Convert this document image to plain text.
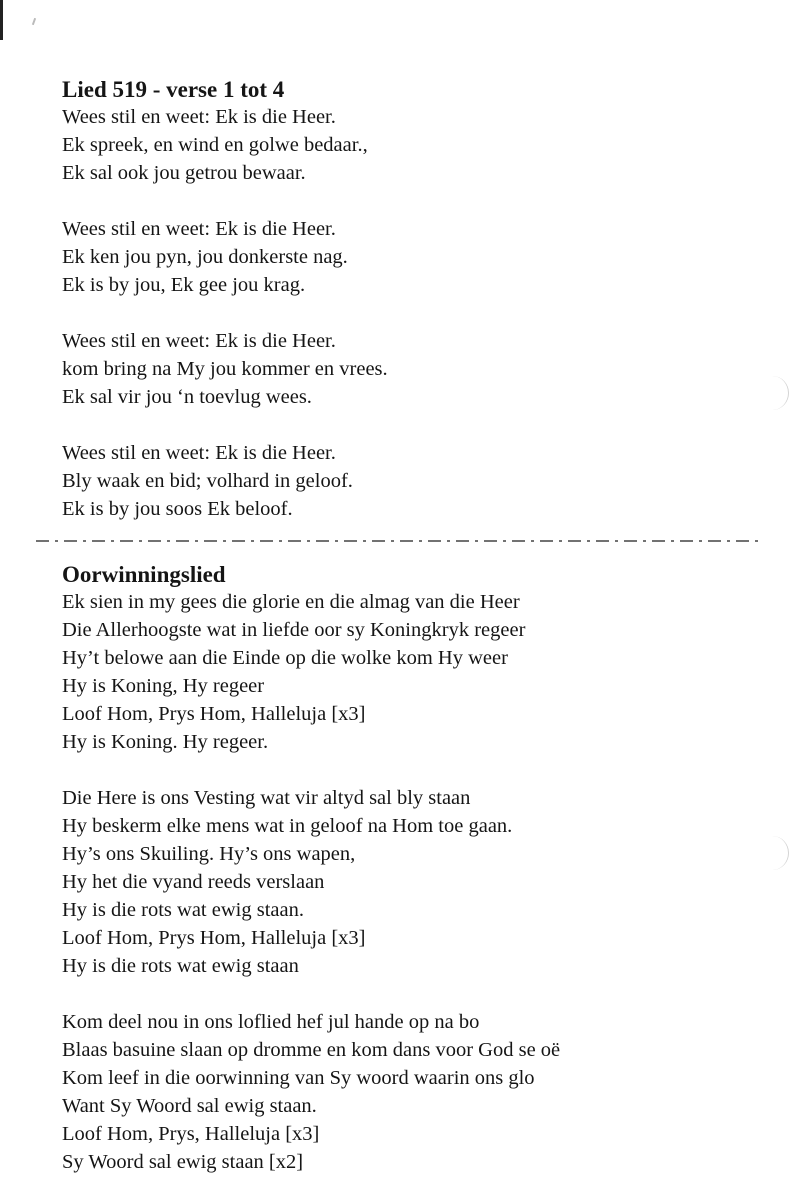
Lied 519 - verse 1 tot 4
Wees stil en weet: Ek is die Heer.
Ek spreek, en wind en golwe bedaar.,
Ek sal ook jou getrou bewaar.
Wees stil en weet: Ek is die Heer.
Ek ken jou pyn, jou donkerste nag.
Ek is by jou, Ek gee jou krag.
Wees stil en weet: Ek is die Heer.
kom bring na My jou kommer en vrees.
Ek sal vir jou ‘n toevlug wees.
Wees stil en weet: Ek is die Heer.
Bly waak en bid; volhard in geloof.
Ek is by jou soos Ek beloof.
Oorwinningslied
Ek sien in my gees die glorie en die almag van die Heer
Die Allerhoogste wat in liefde oor sy Koningkryk regeer
Hy’t belowe aan die Einde op die wolke kom Hy weer
Hy is Koning, Hy regeer
Loof Hom, Prys Hom, Halleluja [x3]
Hy is Koning. Hy regeer.
Die Here is ons Vesting wat vir altyd sal bly staan
Hy beskerm elke mens wat in geloof na Hom toe gaan.
Hy’s ons Skuiling. Hy’s ons wapen,
Hy het die vyand reeds verslaan
Hy is die rots wat ewig staan.
Loof Hom, Prys Hom, Halleluja [x3]
Hy is die rots wat ewig staan
Kom deel nou in ons loflied hef jul hande op na bo
Blaas basuine slaan op dromme en kom dans voor God se oë
Kom leef in die oorwinning van Sy woord waarin ons glo
Want Sy Woord sal ewig staan.
Loof Hom, Prys, Halleluja [x3]
Sy Woord sal ewig staan [x2]
